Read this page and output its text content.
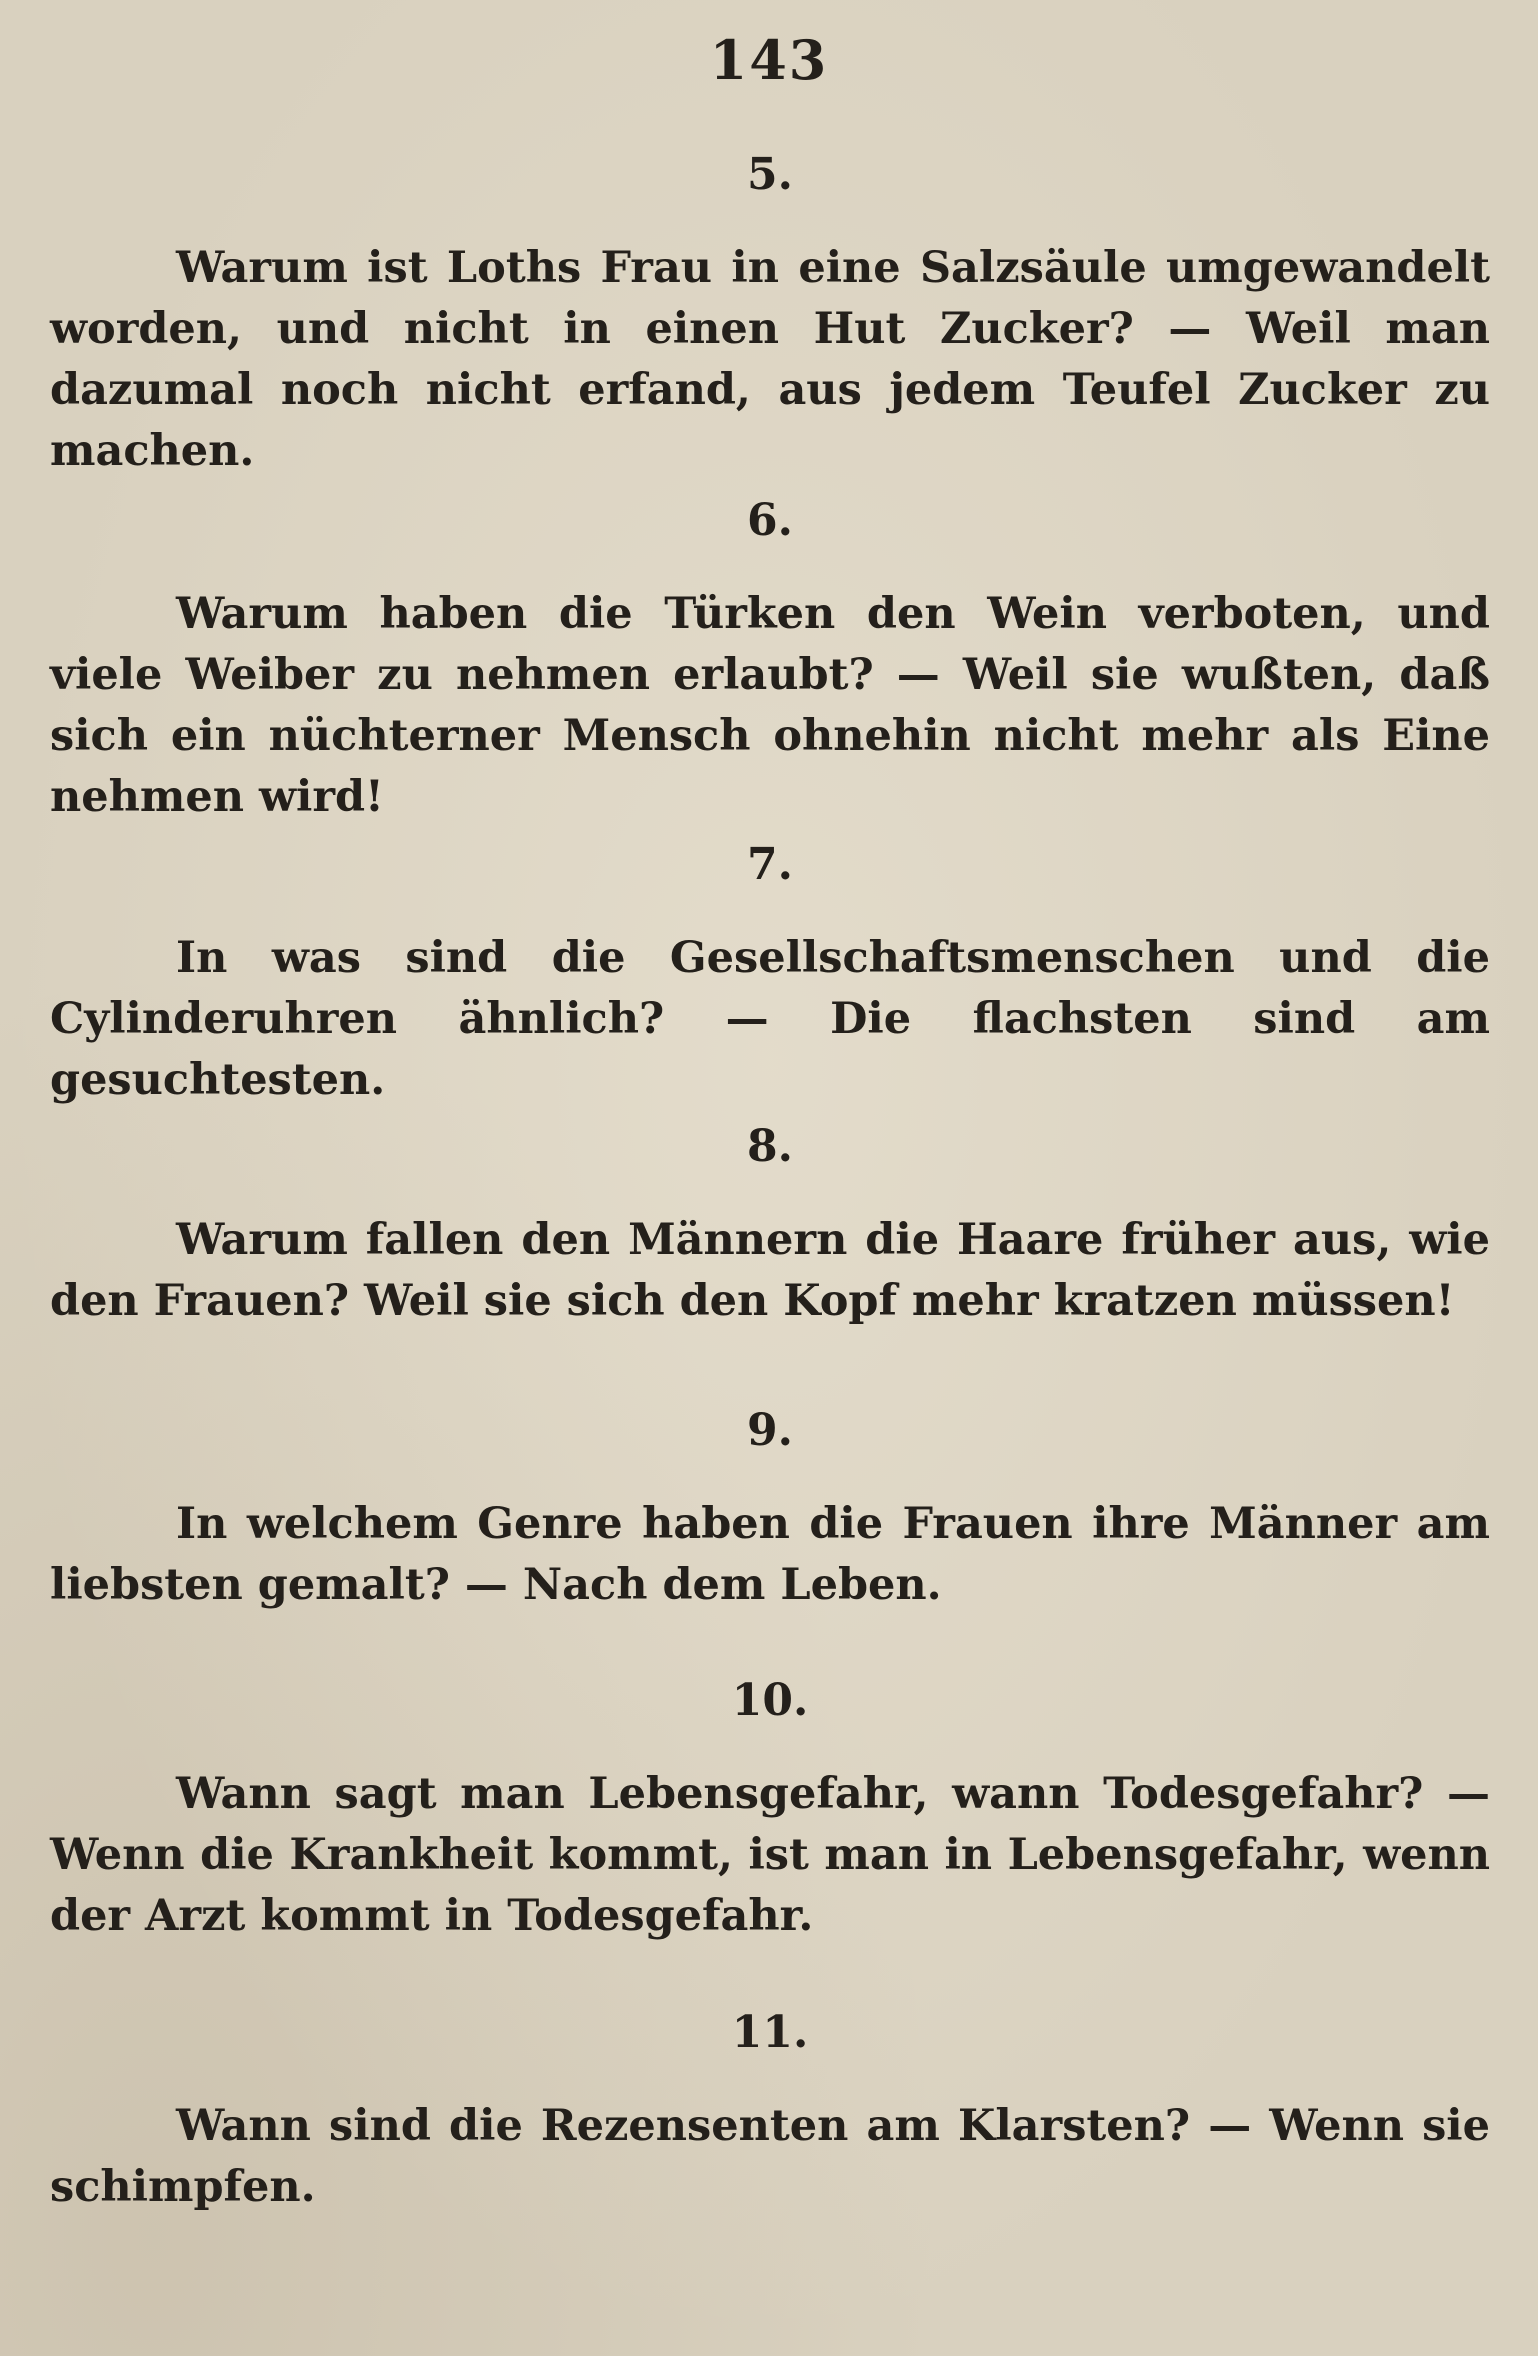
143
5.
Warum ist Loths Frau in eine Salzsäule umgewandelt worden, und nicht in einen Hut Zucker? — Weil man dazumal noch nicht erfand, aus jedem Teufel Zucker zu machen.
6.
Warum haben die Türken den Wein verboten, und viele Weiber zu nehmen erlaubt? — Weil sie wußten, daß sich ein nüchterner Mensch ohnehin nicht mehr als Eine nehmen wird!
7.
In was sind die Gesellschaftsmenschen und die Cylinderuhren ähnlich? — Die flachsten sind am gesuchtesten.
8.
Warum fallen den Männern die Haare früher aus, wie den Frauen? Weil sie sich den Kopf mehr kratzen müssen!
9.
In welchem Genre haben die Frauen ihre Männer am liebsten gemalt? — Nach dem Leben.
10.
Wann sagt man Lebensgefahr, wann Todesgefahr? — Wenn die Krankheit kommt, ist man in Lebensgefahr, wenn der Arzt kommt in Todesgefahr.
11.
Wann sind die Rezensenten am Klarsten? — Wenn sie schimpfen.
